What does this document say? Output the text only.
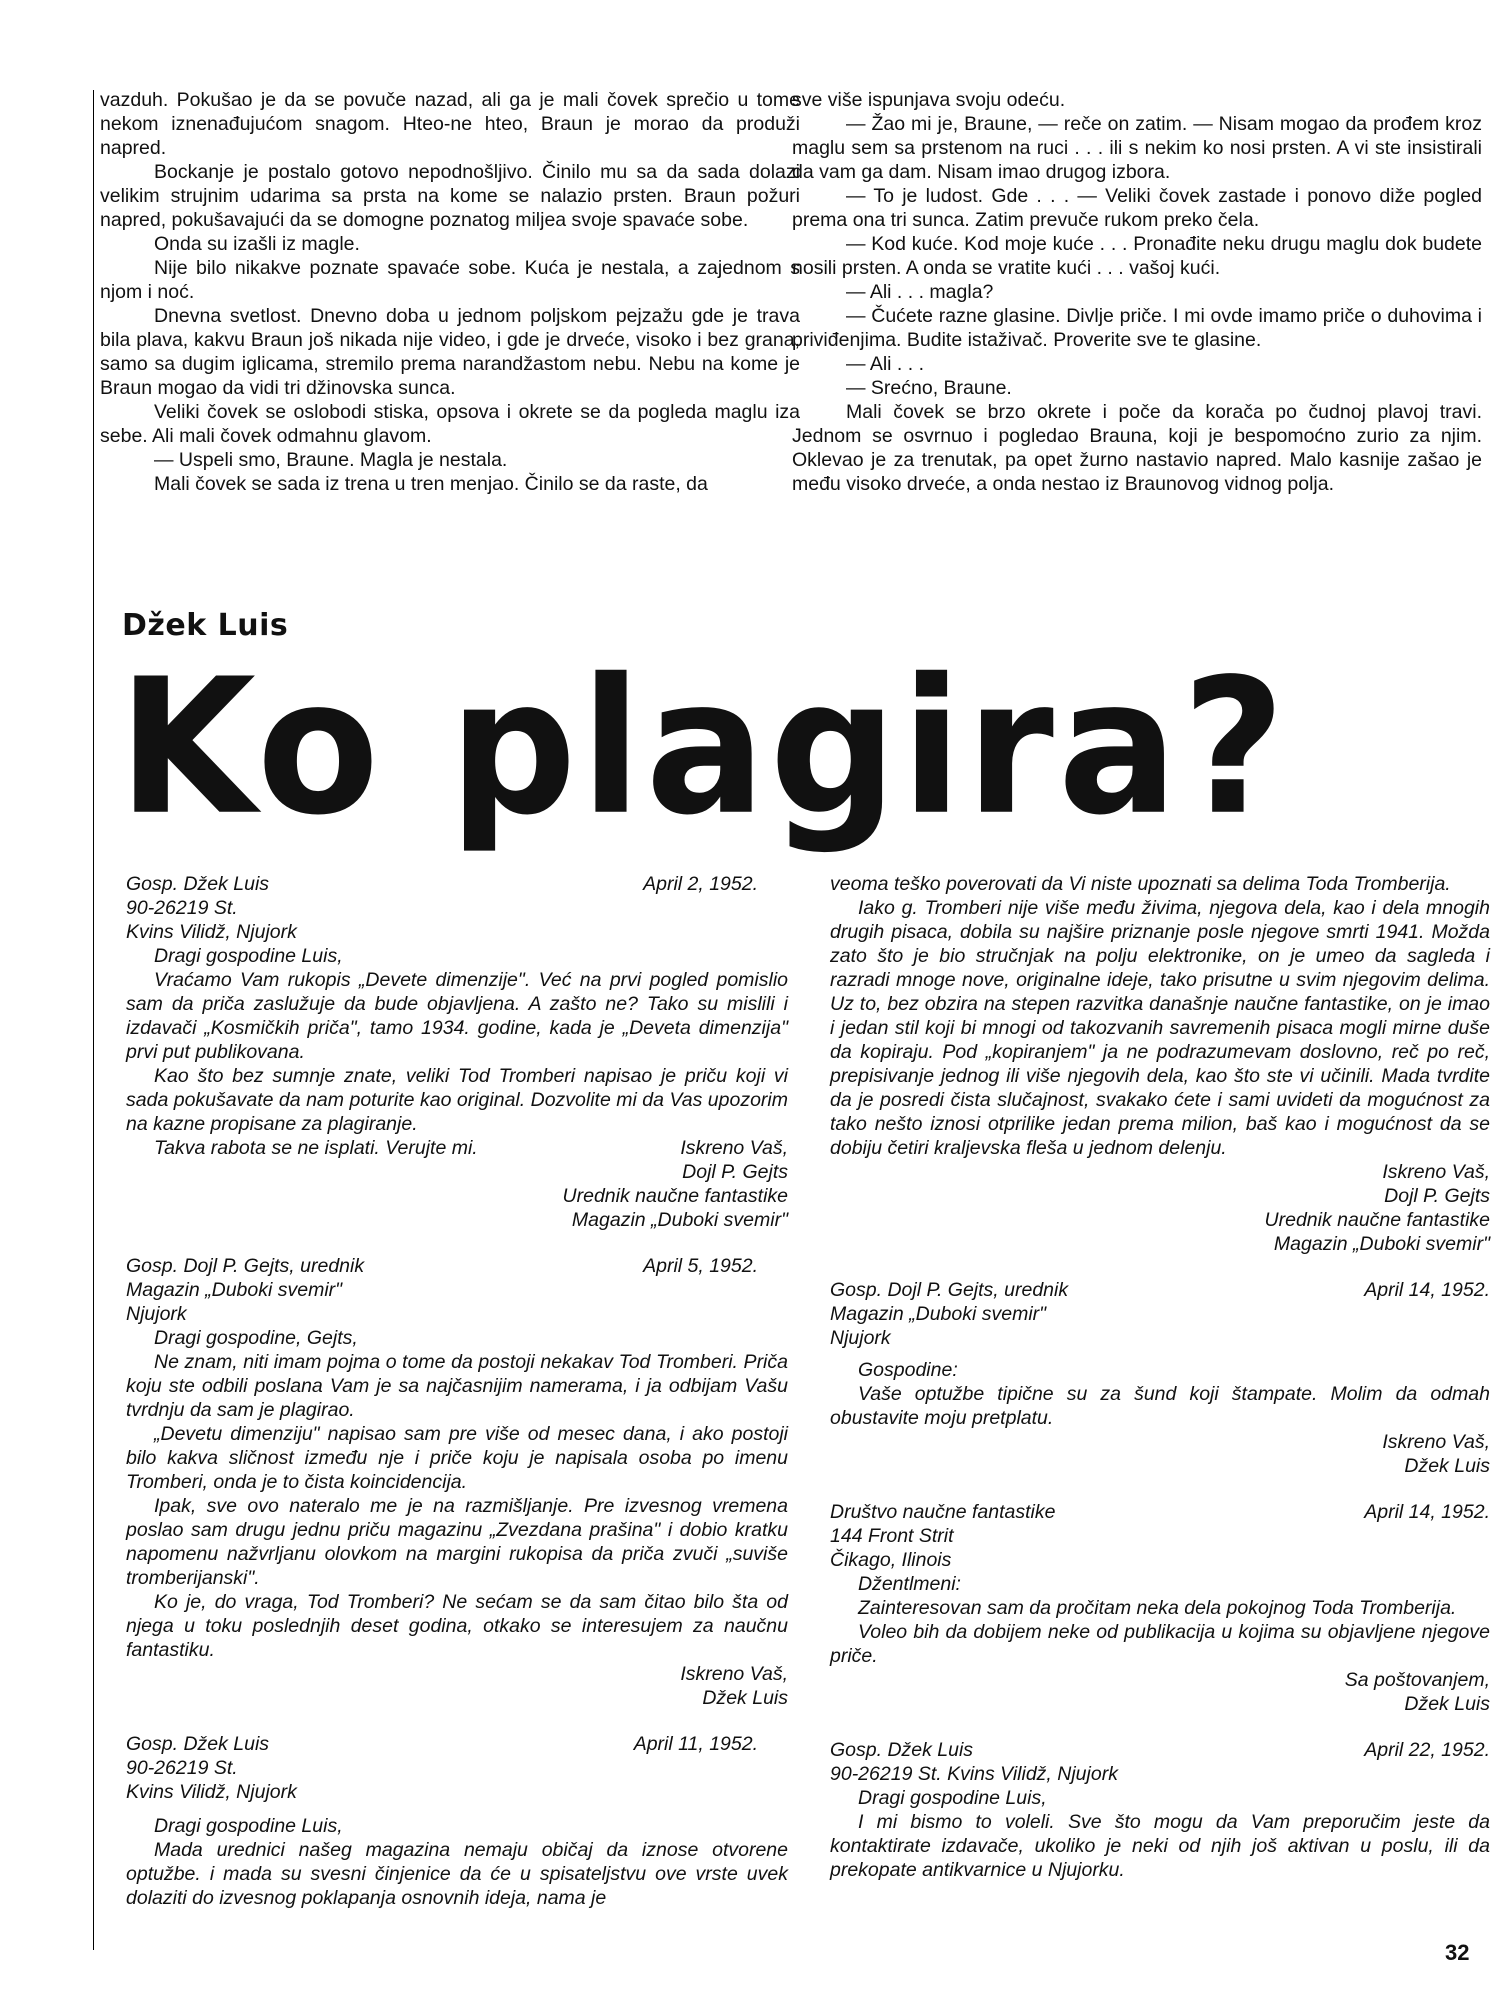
vazduh. Pokušao je da se povuče nazad, ali ga je mali čovek sprečio u tome nekom iznenađujućom snagom. Hteo-ne hteo, Braun je morao da produži napred.

Bockanje je postalo gotovo nepodnošljivo. Činilo mu sa da sada dolazi velikim strujnim udarima sa prsta na kome se nalazio prsten. Braun požuri napred, pokušavajući da se domogne poznatog miljea svoje spavaće sobe.

Onda su izašli iz magle.

Nije bilo nikakve poznate spavaće sobe. Kuća je nestala, a zajednom s njom i noć.

Dnevna svetlost. Dnevno doba u jednom poljskom pejzažu gde je trava bila plava, kakvu Braun još nikada nije video, i gde je drveće, visoko i bez grana, samo sa dugim iglicama, stremilo prema narandžastom nebu. Nebu na kome je Braun mogao da vidi tri džinovska sunca.

Veliki čovek se oslobodi stiska, opsova i okrete se da pogleda maglu iza sebe. Ali mali čovek odmahnu glavom.

— Uspeli smo, Braune. Magla je nestala.

Mali čovek se sada iz trena u tren menjao. Činilo se da raste, da

sve više ispunjava svoju odeću.

— Žao mi je, Braune, — reče on zatim. — Nisam mogao da prođem kroz maglu sem sa prstenom na ruci . . . ili s nekim ko nosi prsten. A vi ste insistirali da vam ga dam. Nisam imao drugog izbora.

— To je ludost. Gde . . . — Veliki čovek zastade i ponovo diže pogled prema ona tri sunca. Zatim prevuče rukom preko čela.

— Kod kuće. Kod moje kuće . . . Pronađite neku drugu maglu dok budete nosili prsten. A onda se vratite kući . . . vašoj kući.

— Ali . . . magla?

— Čućete razne glasine. Divlje priče. I mi ovde imamo priče o duhovima i priviđenjima. Budite istaživač. Proverite sve te glasine.

— Ali . . .

— Srećno, Braune.

Mali čovek se brzo okrete i poče da korača po čudnoj plavoj travi. Jednom se osvrnuo i pogledao Brauna, koji je bespomoćno zurio za njim. Oklevao je za trenutak, pa opet žurno nastavio napred. Malo kasnije zašao je među visoko drveće, a onda nestao iz Braunovog vidnog polja.

Džek Luis
Ko plagira?
Gosp. Džek Luis
90-26219 St.
Kvins Vilidž, Njujork
April 2, 1952.
Dragi gospodine Luis,

Vraćamo Vam rukopis „Devete dimenzije". Već na prvi pogled pomislio sam da priča zaslužuje da bude objavljena. A zašto ne? Tako su mislili i izdavači „Kosmičkih priča", tamo 1934. godine, kada je „Deveta dimenzija" prvi put publikovana.

Kao što bez sumnje znate, veliki Tod Tromberi napisao je priču koji vi sada pokušavate da nam poturite kao original. Dozvolite mi da Vas upozorim na kazne propisane za plagiranje.

Takva rabota se ne isplati. Verujte mi.	Iskreno Vaš,
Dojl P. Gejts
Urednik naučne fantastike
Magazin „Duboki svemir"
Gosp. Dojl P. Gejts, urednik
Magazin „Duboki svemir"
Njujork
April 5, 1952.
Dragi gospodine, Gejts,

Ne znam, niti imam pojma o tome da postoji nekakav Tod Tromberi. Priča koju ste odbili poslana Vam je sa najčasnijim namerama, i ja odbijam Vašu tvrdnju da sam je plagirao.

„Devetu dimenziju" napisao sam pre više od mesec dana, i ako postoji bilo kakva sličnost između nje i priče koju je napisala osoba po imenu Tromberi, onda je to čista koincidencija.

Ipak, sve ovo nateralo me je na razmišljanje. Pre izvesnog vremena poslao sam drugu jednu priču magazinu „Zvezdana prašina" i dobio kratku napomenu nažvrljanu olovkom na margini rukopisa da priča zvuči „suviše tromberijanski".

Ko je, do vraga, Tod Tromberi? Ne sećam se da sam čitao bilo šta od njega u toku poslednjih deset godina, otkako se interesujem za naučnu fantastiku.

Iskreno Vaš,
Džek Luis
Gosp. Džek Luis
90-26219 St.
Kvins Vilidž, Njujork
April 11, 1952.
Dragi gospodine Luis,

Mada urednici našeg magazina nemaju običaj da iznose otvorene optužbe. i mada su svesni činjenice da će u spisateljstvu ove vrste uvek dolaziti do izvesnog poklapanja osnovnih ideja, nama je

veoma teško poverovati da Vi niste upoznati sa delima Toda Tromberija.

Iako g. Tromberi nije više među živima, njegova dela, kao i dela mnogih drugih pisaca, dobila su najšire priznanje posle njegove smrti 1941. Možda zato što je bio stručnjak na polju elektronike, on je umeo da sagleda i razradi mnoge nove, originalne ideje, tako prisutne u svim njegovim delima. Uz to, bez obzira na stepen razvitka današnje naučne fantastike, on je imao i jedan stil koji bi mnogi od takozvanih savremenih pisaca mogli mirne duše da kopiraju. Pod „kopiranjem" ja ne podrazumevam doslovno, reč po reč, prepisivanje jednog ili više njegovih dela, kao što ste vi učinili. Mada tvrdite da je posredi čista slučajnost, svakako ćete i sami uvideti da mogućnost za tako nešto iznosi otprilike jedan prema milion, baš kao i mogućnost da se dobiju četiri kraljevska fleša u jednom delenju.

Iskreno Vaš,
Dojl P. Gejts
Urednik naučne fantastike
Magazin „Duboki svemir"
Gosp. Dojl P. Gejts, urednik
Magazin „Duboki svemir"
Njujork
April 14, 1952.
Gospodine:

Vaše optužbe tipične su za šund koji štampate. Molim da odmah obustavite moju pretplatu.

Iskreno Vaš,
Džek Luis
Društvo naučne fantastike
144 Front Strit
Čikago, Ilinois
April 14, 1952.
Džentlmeni:

Zainteresovan sam da pročitam neka dela pokojnog Toda Tromberija.

Voleo bih da dobijem neke od publikacija u kojima su objavljene njegove priče.

Sa poštovanjem,
Džek Luis
Gosp. Džek Luis
90-26219 St. Kvins Vilidž, Njujork
April 22, 1952.
Dragi gospodine Luis,

I mi bismo to voleli. Sve što mogu da Vam preporučim jeste da kontaktirate izdavače, ukoliko je neki od njih još aktivan u poslu, ili da prekopate antikvarnice u Njujorku.

32
